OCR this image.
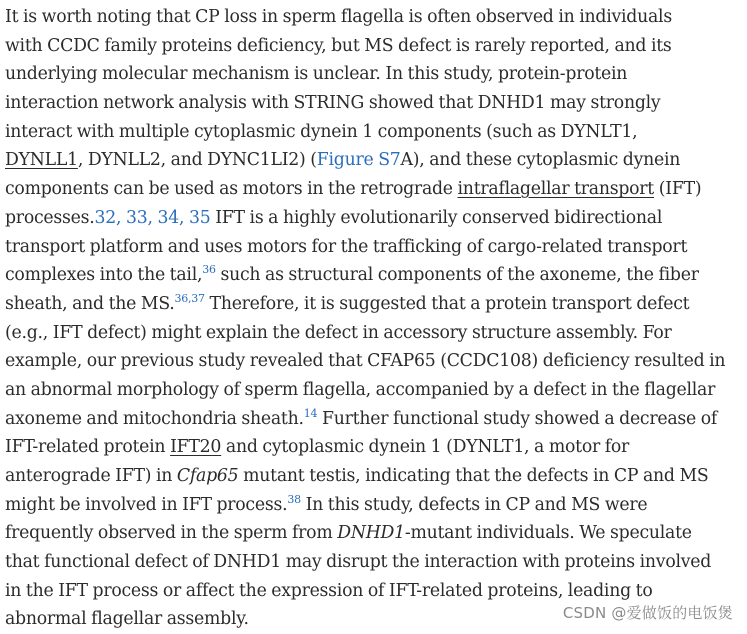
It is worth noting that CP loss in sperm flagella is often observed in individuals
with CCDC family proteins deficiency, but MS defect is rarely reported, and its
underlying molecular mechanism is unclear. In this study, protein-protein
interaction network analysis with STRING showed that DNHD1 may strongly
interact with multiple cytoplasmic dynein 1 components (such as DYNLT1,
DYNLL1, DYNLL2, and DYNC1LI2) (Figure S7A), and these cytoplasmic dynein
components can be used as motors in the retrograde intraflagellar transport (IFT)
processes.32, 33, 34, 35 IFT is a highly evolutionarily conserved bidirectional
transport platform and uses motors for the trafficking of cargo-related transport
complexes into the tail,$^{36}$ such as structural components of the axoneme, the fiber
sheath, and the MS.$^{36,37}$ Therefore, it is suggested that a protein transport defect
(e.g., IFT defect) might explain the defect in accessory structure assembly. For
example, our previous study revealed that CFAP65 (CCDC108) deficiency resulted in
an abnormal morphology of sperm flagella, accompanied by a defect in the flagellar
axoneme and mitochondria sheath.$^{14}$ Further functional study showed a decrease of
IFT-related protein IFT20 and cytoplasmic dynein 1 (DYNLT1, a motor for
anterograde IFT) in Cfap65 mutant testis, indicating that the defects in CP and MS
might be involved in IFT process.$^{38}$ In this study, defects in CP and MS were
frequently observed in the sperm from DNHD1-mutant individuals. We speculate
that functional defect of DNHD1 may disrupt the interaction with proteins involved
in the IFT process or affect the expression of IFT-related proteins, leading to
abnormal flagellar assembly.	CSDN @爱做饭的电饭煲
